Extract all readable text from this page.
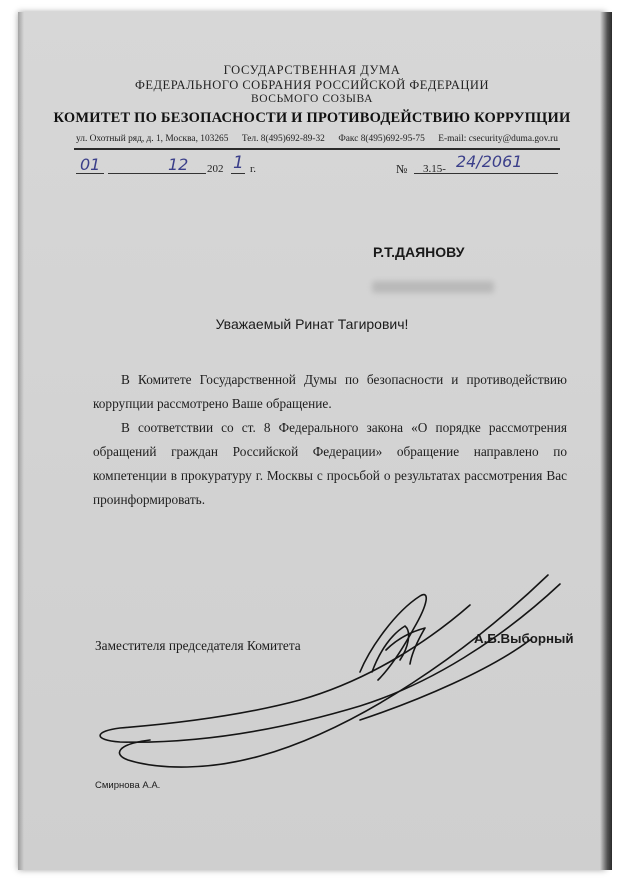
ГОСУДАРСТВЕННАЯ ДУМА
ФЕДЕРАЛЬНОГО СОБРАНИЯ РОССИЙСКОЙ ФЕДЕРАЦИИ
ВОСЬМОГО СОЗЫВА
КОМИТЕТ ПО БЕЗОПАСНОСТИ И ПРОТИВОДЕЙСТВИЮ КОРРУПЦИИ
ул. Охотный ряд, д. 1, Москва, 103265 Тел. 8(495)692-89-32 Факс 8(495)692-95-75 E-mail: csecurity@duma.gov.ru
01	12 202 1 г.	№ 3.15- 24/2061
Р.Т.ДАЯНОВУ
Уважаемый Ринат Тагирович!
В Комитете Государственной Думы по безопасности и противодействию коррупции рассмотрено Ваше обращение.
В соответствии со ст. 8 Федерального закона «О порядке рассмотрения обращений граждан Российской Федерации» обращение направлено по компетенции в прокуратуру г. Москвы с просьбой о результатах рассмотрения Вас проинформировать.
Заместителя председателя Комитета	А.Б.Выборный
Смирнова А.А.
